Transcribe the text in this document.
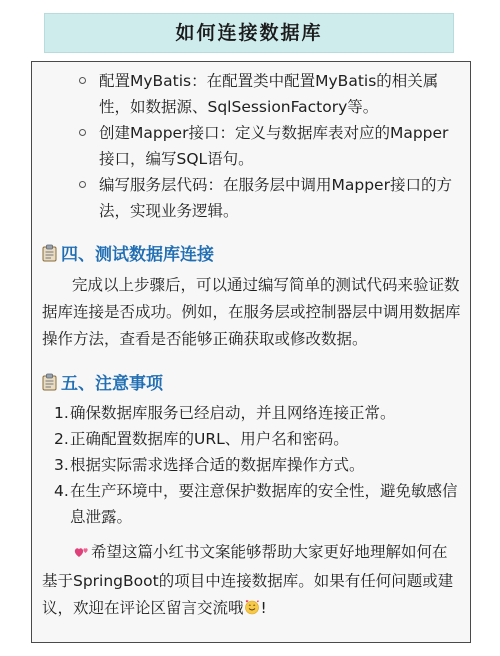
如何连接数据库
配置MyBatis：在配置类中配置MyBatis的相关属性，如数据源、SqlSessionFactory等。
创建Mapper接口：定义与数据库表对应的Mapper接口，编写SQL语句。
编写服务层代码：在服务层中调用Mapper接口的方法，实现业务逻辑。
四、测试数据库连接
完成以上步骤后，可以通过编写简单的测试代码来验证数据库连接是否成功。例如，在服务层或控制器层中调用数据库操作方法，查看是否能够正确获取或修改数据。
五、注意事项
1. 确保数据库服务已经启动，并且网络连接正常。
2. 正确配置数据库的URL、用户名和密码。
3. 根据实际需求选择合适的数据库操作方式。
4. 在生产环境中，要注意保护数据库的安全性，避免敏感信息泄露。
希望这篇小红书文案能够帮助大家更好地理解如何在基于SpringBoot的项目中连接数据库。如果有任何问题或建议，欢迎在评论区留言交流哦 !
